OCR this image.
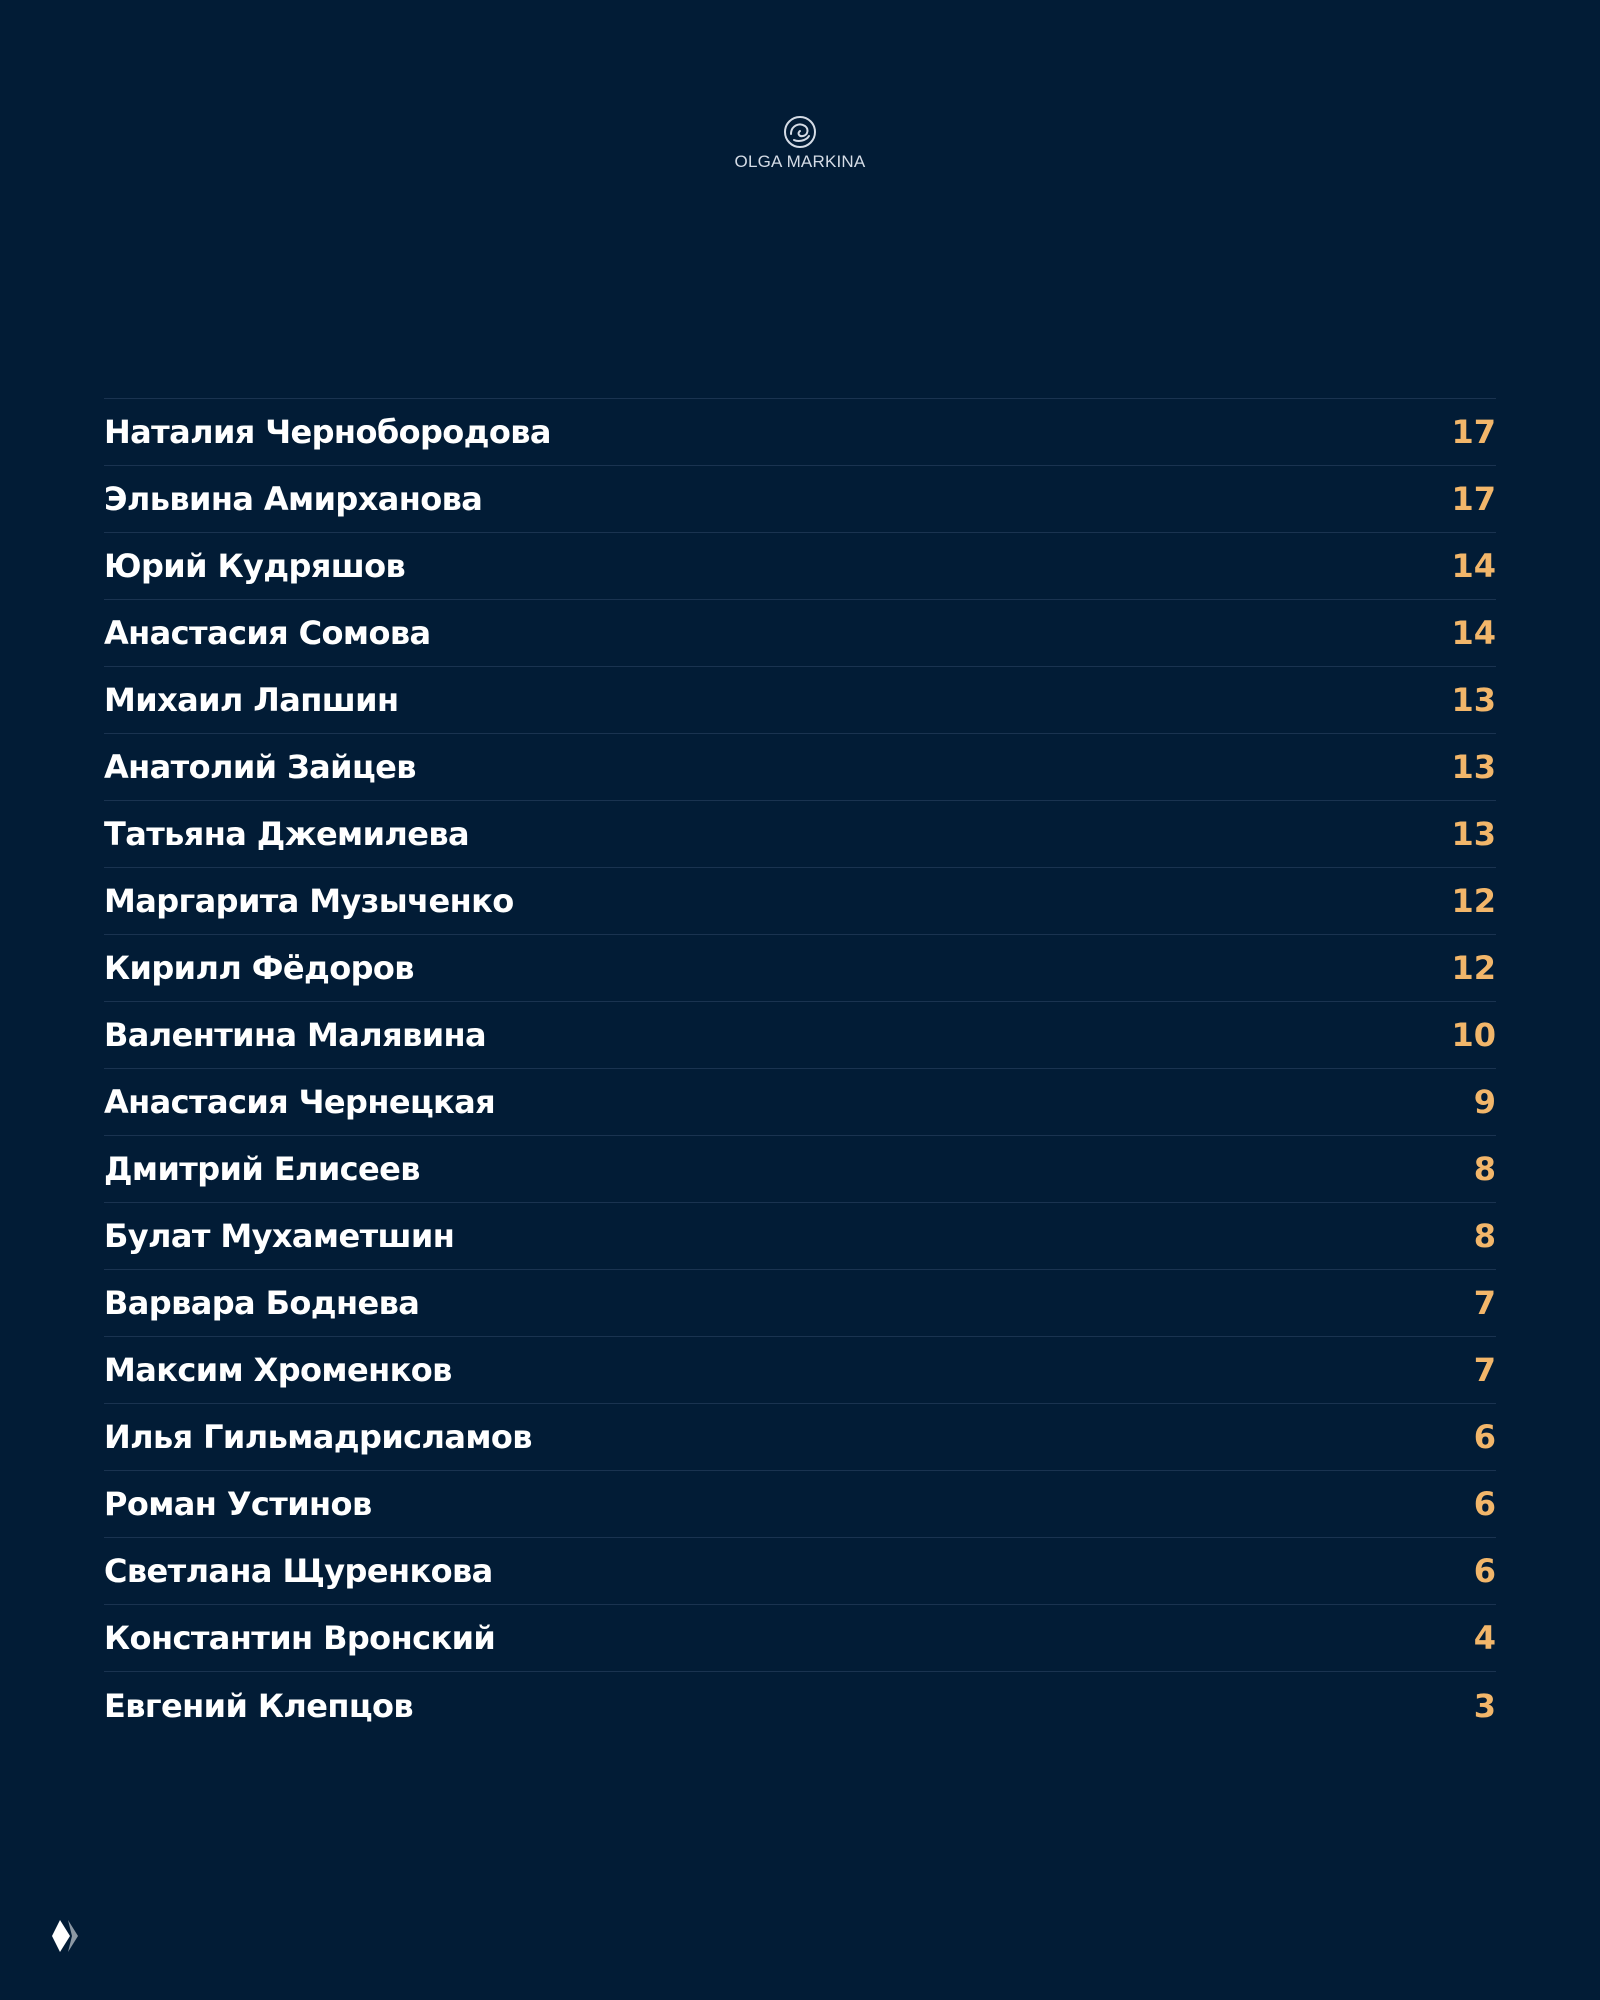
OLGA MARKINA
Наталия Чернобородова	17
Эльвина Амирханова	17
Юрий Кудряшов	14
Анастасия Сомова	14
Михаил Лапшин	13
Анатолий Зайцев	13
Татьяна Джемилева	13
Маргарита Музыченко	12
Кирилл Фёдоров	12
Валентина Малявина	10
Анастасия Чернецкая	9
Дмитрий Елисеев	8
Булат Мухаметшин	8
Варвара Боднева	7
Максим Хроменков	7
Илья Гильмадрисламов	6
Роман Устинов	6
Светлана Щуренкова	6
Константин Вронский	4
Евгений Клепцов	3
